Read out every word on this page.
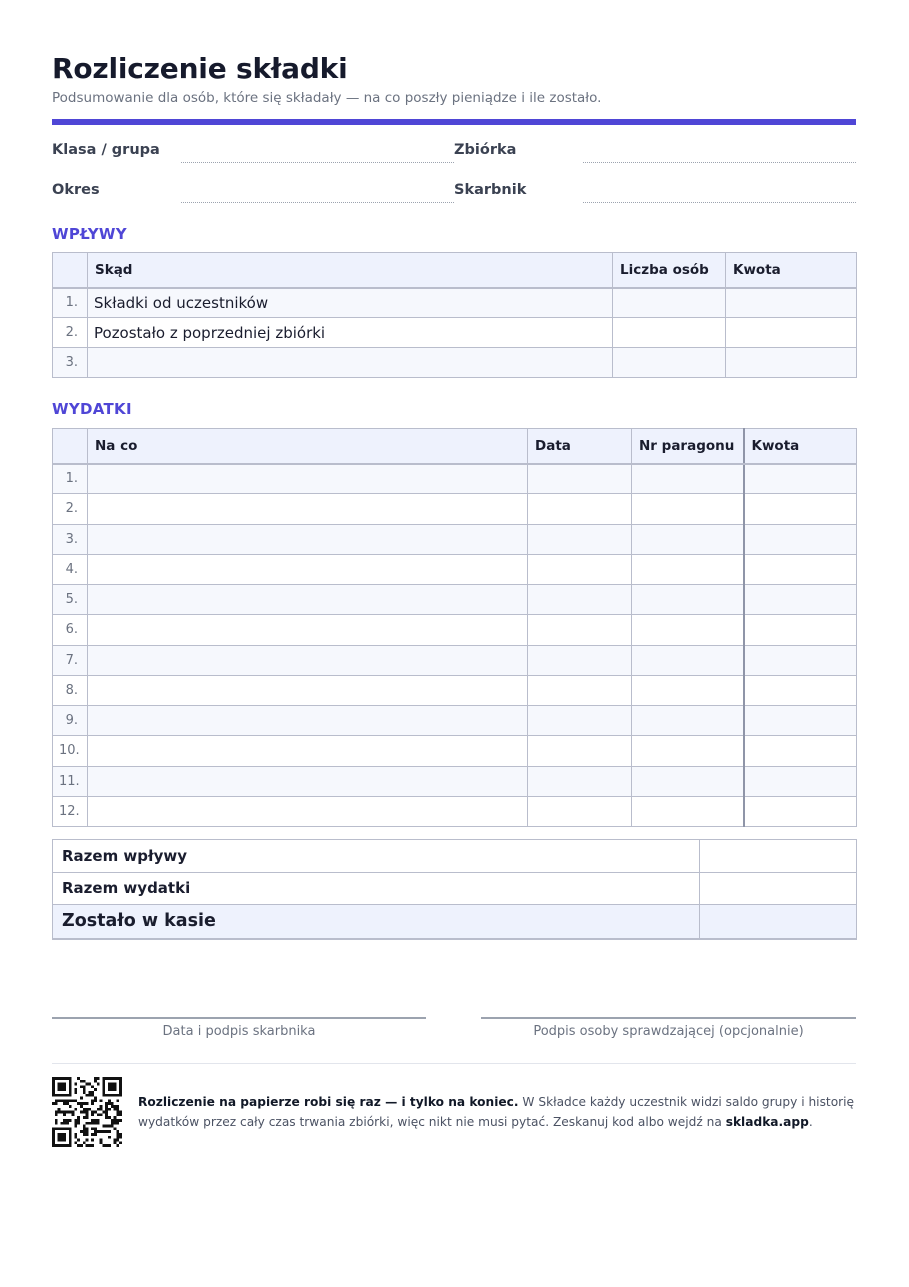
Rozliczenie składki

Podsumowanie dla osób, które się składały — na co poszły pieniądze i ile zostało.

Klasa / grupa	Zbiórka
Okres	Skarbnik
WPŁYWY
	Skąd	Liczba osób	Kwota
1.	Składki od uczestników		
2.	Pozostało z poprzedniej zbiórki		
3.			
WYDATKI
	Na co	Data	Nr paragonu	Kwota
1.				
2.				
3.				
4.				
5.				
6.				
7.				
8.				
9.				
10.				
11.				
12.				
Razem wpływy	
Razem wydatki	
Zostało w kasie	
Data i podpis skarbnika	Podpis osoby sprawdzającej (opcjonalnie)

Rozliczenie na papierze robi się raz — i tylko na koniec. W Składce każdy uczestnik widzi saldo grupy i historię wydatków przez cały czas trwania zbiórki, więc nikt nie musi pytać. Zeskanuj kod albo wejdź na skladka.app.
